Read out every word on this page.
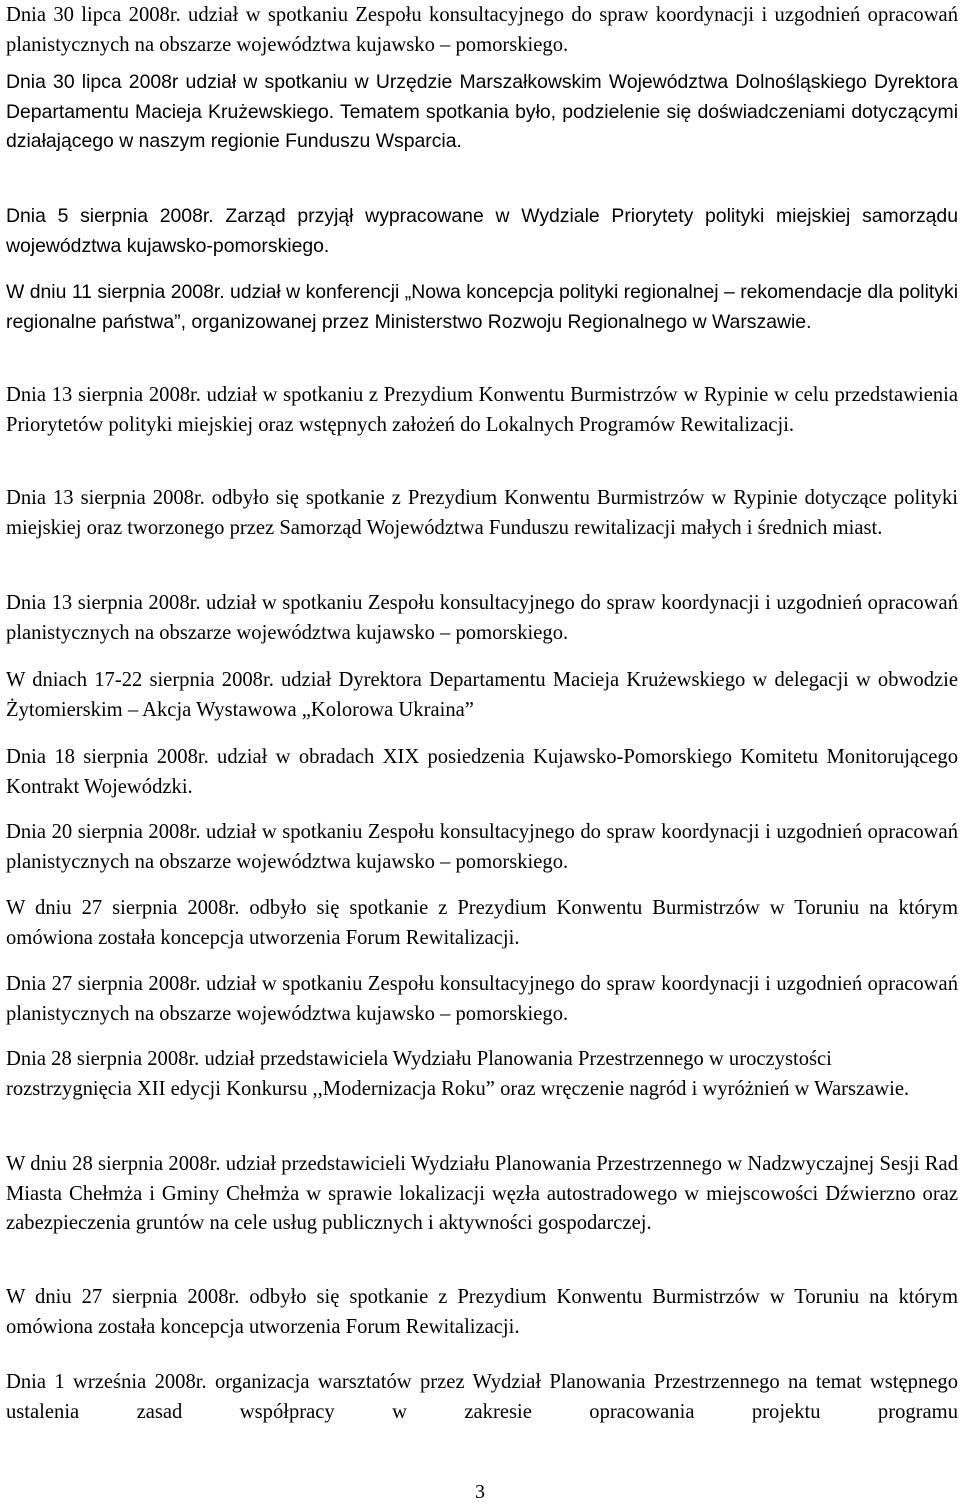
Dnia 30 lipca 2008r. udział w spotkaniu Zespołu konsultacyjnego do spraw koordynacji i uzgodnień opracowań planistycznych na obszarze województwa kujawsko – pomorskiego.

Dnia 30 lipca 2008r udział w spotkaniu w Urzędzie Marszałkowskim Województwa Dolnośląskiego Dyrektora Departamentu Macieja Krużewskiego. Tematem spotkania było, podzielenie się doświadczeniami dotyczącymi działającego w naszym regionie Funduszu Wsparcia.

Dnia 5 sierpnia 2008r. Zarząd przyjął wypracowane w Wydziale Priorytety polityki miejskiej samorządu województwa kujawsko-pomorskiego.

W dniu 11 sierpnia 2008r. udział w konferencji „Nowa koncepcja polityki regionalnej – rekomendacje dla polityki regionalne państwa”, organizowanej przez Ministerstwo Rozwoju Regionalnego w Warszawie.

Dnia 13 sierpnia 2008r. udział w spotkaniu z Prezydium Konwentu Burmistrzów w Rypinie w celu przedstawienia Priorytetów polityki miejskiej oraz wstępnych założeń do Lokalnych Programów Rewitalizacji.

Dnia 13 sierpnia 2008r. odbyło się spotkanie z Prezydium Konwentu Burmistrzów w Rypinie dotyczące polityki miejskiej oraz tworzonego przez Samorząd Województwa Funduszu rewitalizacji małych i średnich miast.

Dnia 13 sierpnia 2008r. udział w spotkaniu Zespołu konsultacyjnego do spraw koordynacji i uzgodnień opracowań planistycznych na obszarze województwa kujawsko – pomorskiego.

W dniach 17-22 sierpnia 2008r. udział Dyrektora Departamentu Macieja Krużewskiego w delegacji w obwodzie Żytomierskim – Akcja Wystawowa „Kolorowa Ukraina”

Dnia 18 sierpnia 2008r. udział w obradach XIX posiedzenia Kujawsko-Pomorskiego Komitetu Monitorującego Kontrakt Wojewódzki.

Dnia 20 sierpnia 2008r. udział w spotkaniu Zespołu konsultacyjnego do spraw koordynacji i uzgodnień opracowań planistycznych na obszarze województwa kujawsko – pomorskiego.

W dniu 27 sierpnia 2008r. odbyło się spotkanie z Prezydium Konwentu Burmistrzów w Toruniu na którym omówiona została koncepcja utworzenia Forum Rewitalizacji.

Dnia 27 sierpnia 2008r. udział w spotkaniu Zespołu konsultacyjnego do spraw koordynacji i uzgodnień opracowań planistycznych na obszarze województwa kujawsko – pomorskiego.

Dnia 28 sierpnia 2008r. udział przedstawiciela Wydziału Planowania Przestrzennego w uroczystości rozstrzygnięcia XII edycji Konkursu ,,Modernizacja Roku” oraz wręczenie nagród i wyróżnień w Warszawie.

W dniu 28 sierpnia 2008r. udział przedstawicieli Wydziału Planowania Przestrzennego w Nadzwyczajnej Sesji Rad Miasta Chełmża i Gminy Chełmża w sprawie lokalizacji węzła autostradowego w miejscowości Dźwierzno oraz zabezpieczenia gruntów na cele usług publicznych i aktywności gospodarczej.

W dniu 27 sierpnia 2008r. odbyło się spotkanie z Prezydium Konwentu Burmistrzów w Toruniu na którym omówiona została koncepcja utworzenia Forum Rewitalizacji.

Dnia 1 września 2008r. organizacja warsztatów przez Wydział Planowania Przestrzennego na temat wstępnego ustalenia zasad współpracy w zakresie opracowania projektu programu

3
